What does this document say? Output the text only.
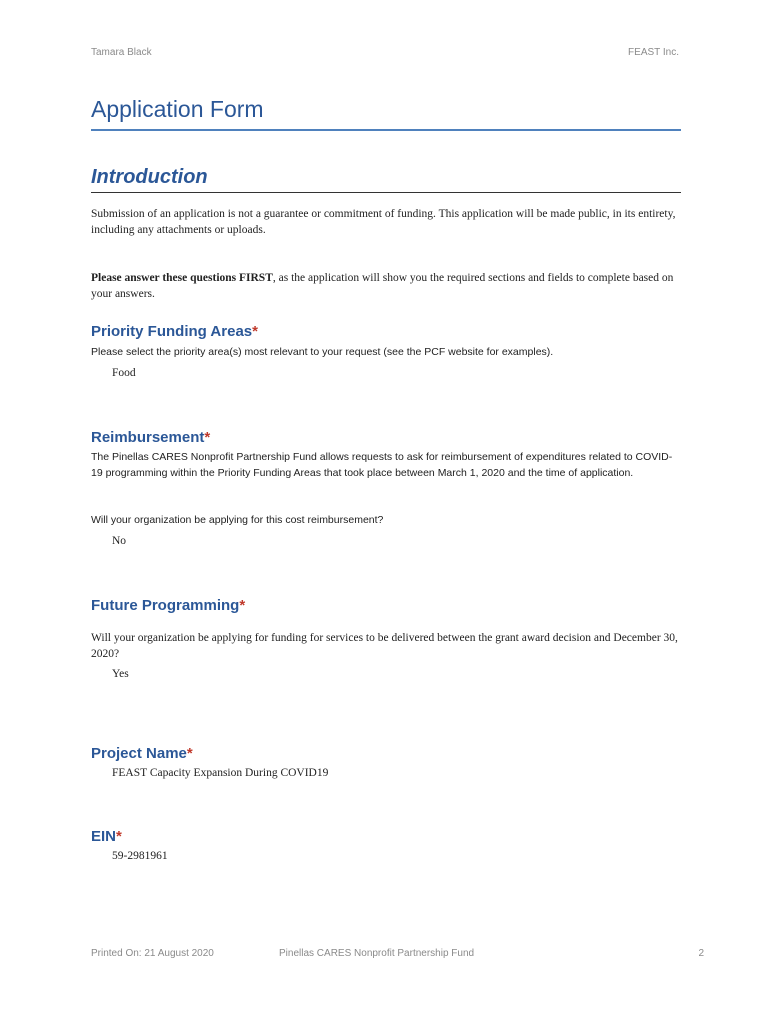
Tamara Black	FEAST Inc.
Application Form
Introduction
Submission of an application is not a guarantee or commitment of funding. This application will be made public, in its entirety, including any attachments or uploads.
Please answer these questions FIRST, as the application will show you the required sections and fields to complete based on your answers.
Priority Funding Areas*
Please select the priority area(s) most relevant to your request (see the PCF website for examples).
Food
Reimbursement*
The Pinellas CARES Nonprofit Partnership Fund allows requests to ask for reimbursement of expenditures related to COVID-19 programming within the Priority Funding Areas that took place between March 1, 2020 and the time of application.
Will your organization be applying for this cost reimbursement?
No
Future Programming*
Will your organization be applying for funding for services to be delivered between the grant award decision and December 30, 2020?
Yes
Project Name*
FEAST Capacity Expansion During COVID19
EIN*
59-2981961
Printed On: 21 August 2020	Pinellas CARES Nonprofit Partnership Fund	2
